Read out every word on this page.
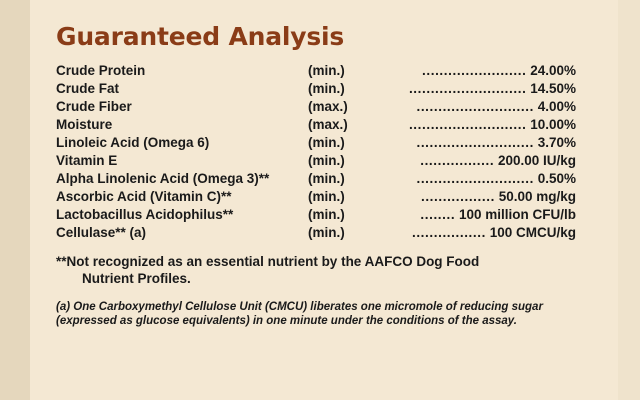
Guaranteed Analysis
Crude Protein	(min.)	........................ 24.00%
Crude Fat	(min.)	........................... 14.50%
Crude Fiber	(max.)	........................... 4.00%
Moisture	(max.)	........................... 10.00%
Linoleic Acid (Omega 6)	(min.)	........................... 3.70%
Vitamin E	(min.)	................. 200.00 IU/kg
Alpha Linolenic Acid (Omega 3)**	(min.)	........................... 0.50%
Ascorbic Acid (Vitamin C)**	(min.)	................. 50.00 mg/kg
Lactobacillus Acidophilus**	(min.)	........ 100 million CFU/lb
Cellulase** (a)	(min.)	................. 100 CMCU/kg

**Not recognized as an essential nutrient by the AAFCO Dog Food
Nutrient Profiles.

(a) One Carboxymethyl Cellulose Unit (CMCU) liberates one micromole of reducing sugar (expressed as glucose equivalents) in one minute under the conditions of the assay.
